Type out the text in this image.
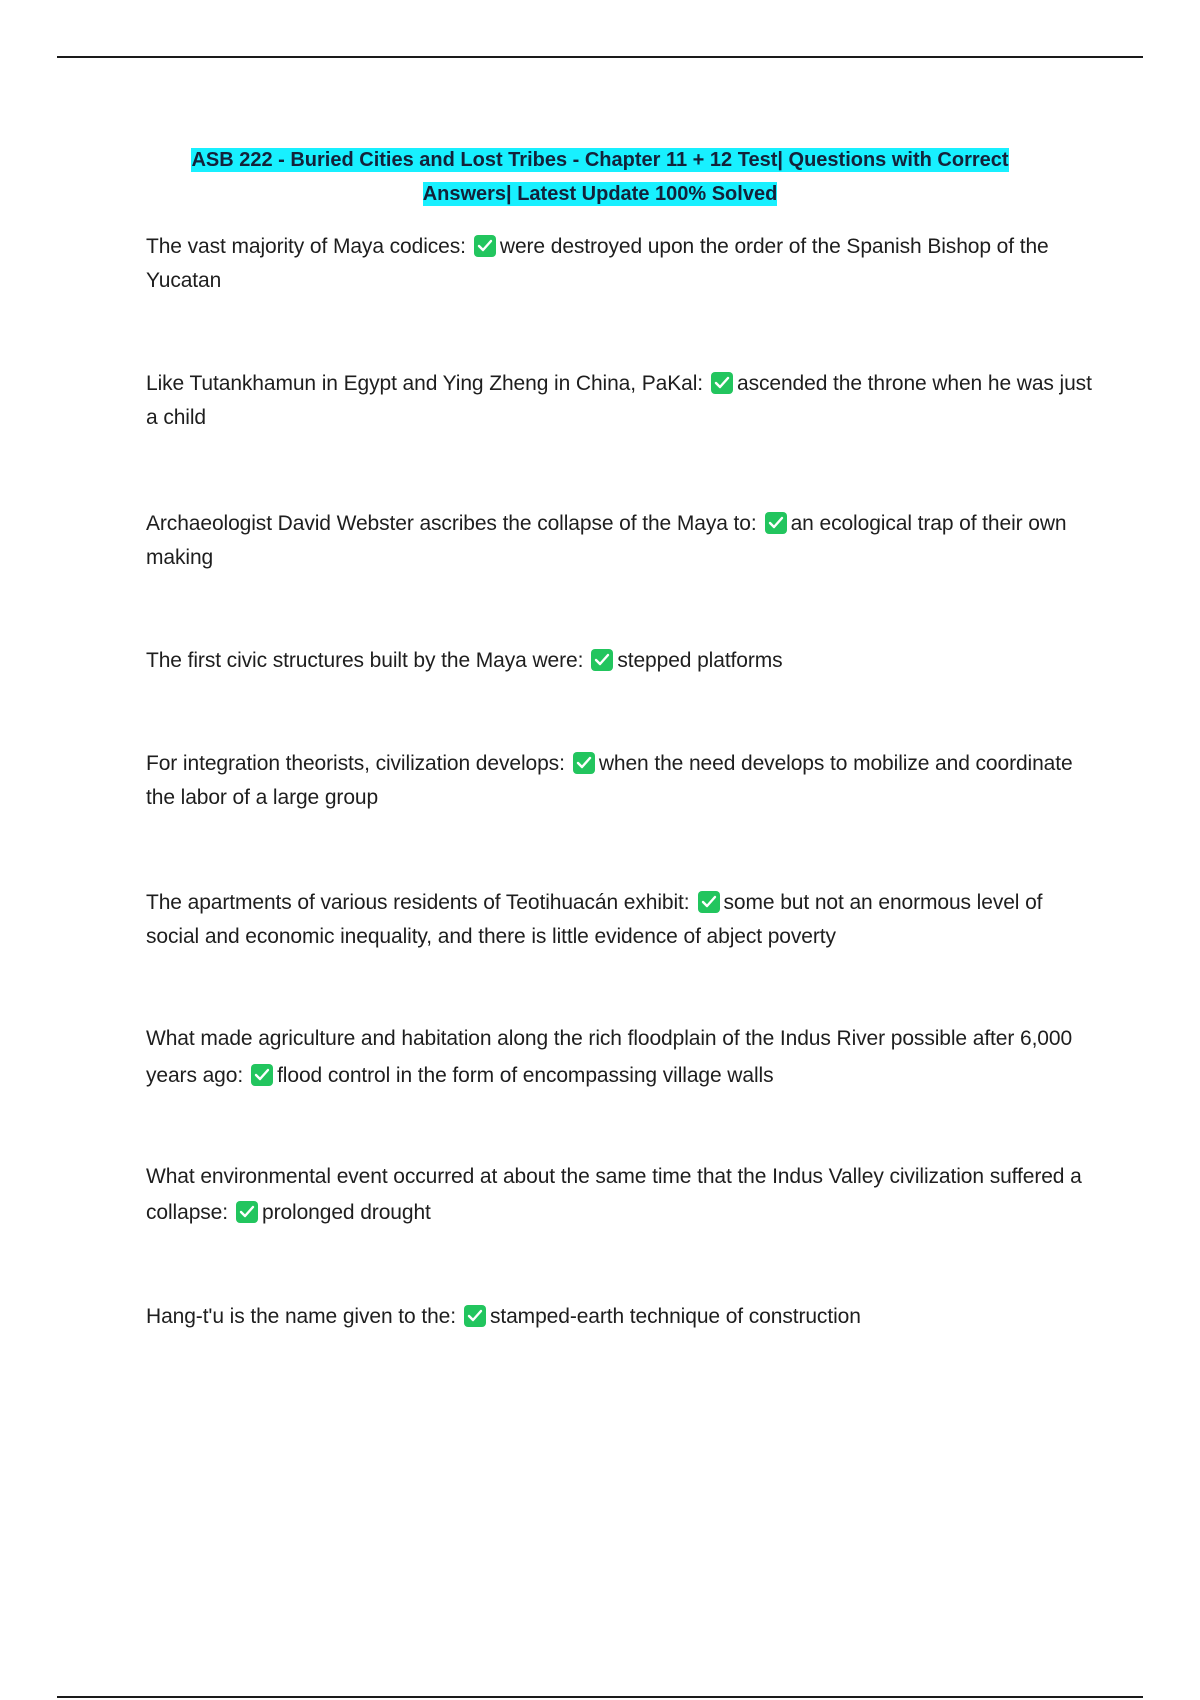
ASB 222 - Buried Cities and Lost Tribes - Chapter 11 + 12 Test| Questions with Correct
Answers| Latest Update 100% Solved
The vast majority of Maya codices: were destroyed upon the order of the Spanish Bishop of the Yucatan
Like Tutankhamun in Egypt and Ying Zheng in China, PaKal: ascended the throne when he was just a child
Archaeologist David Webster ascribes the collapse of the Maya to: an ecological trap of their own making
The first civic structures built by the Maya were: stepped platforms
For integration theorists, civilization develops: when the need develops to mobilize and coordinate the labor of a large group
The apartments of various residents of Teotihuacán exhibit: some but not an enormous level of social and economic inequality, and there is little evidence of abject poverty
What made agriculture and habitation along the rich floodplain of the Indus River possible after 6,000 years ago: flood control in the form of encompassing village walls
What environmental event occurred at about the same time that the Indus Valley civilization suffered a collapse: prolonged drought
Hang-t'u is the name given to the: stamped-earth technique of construction
